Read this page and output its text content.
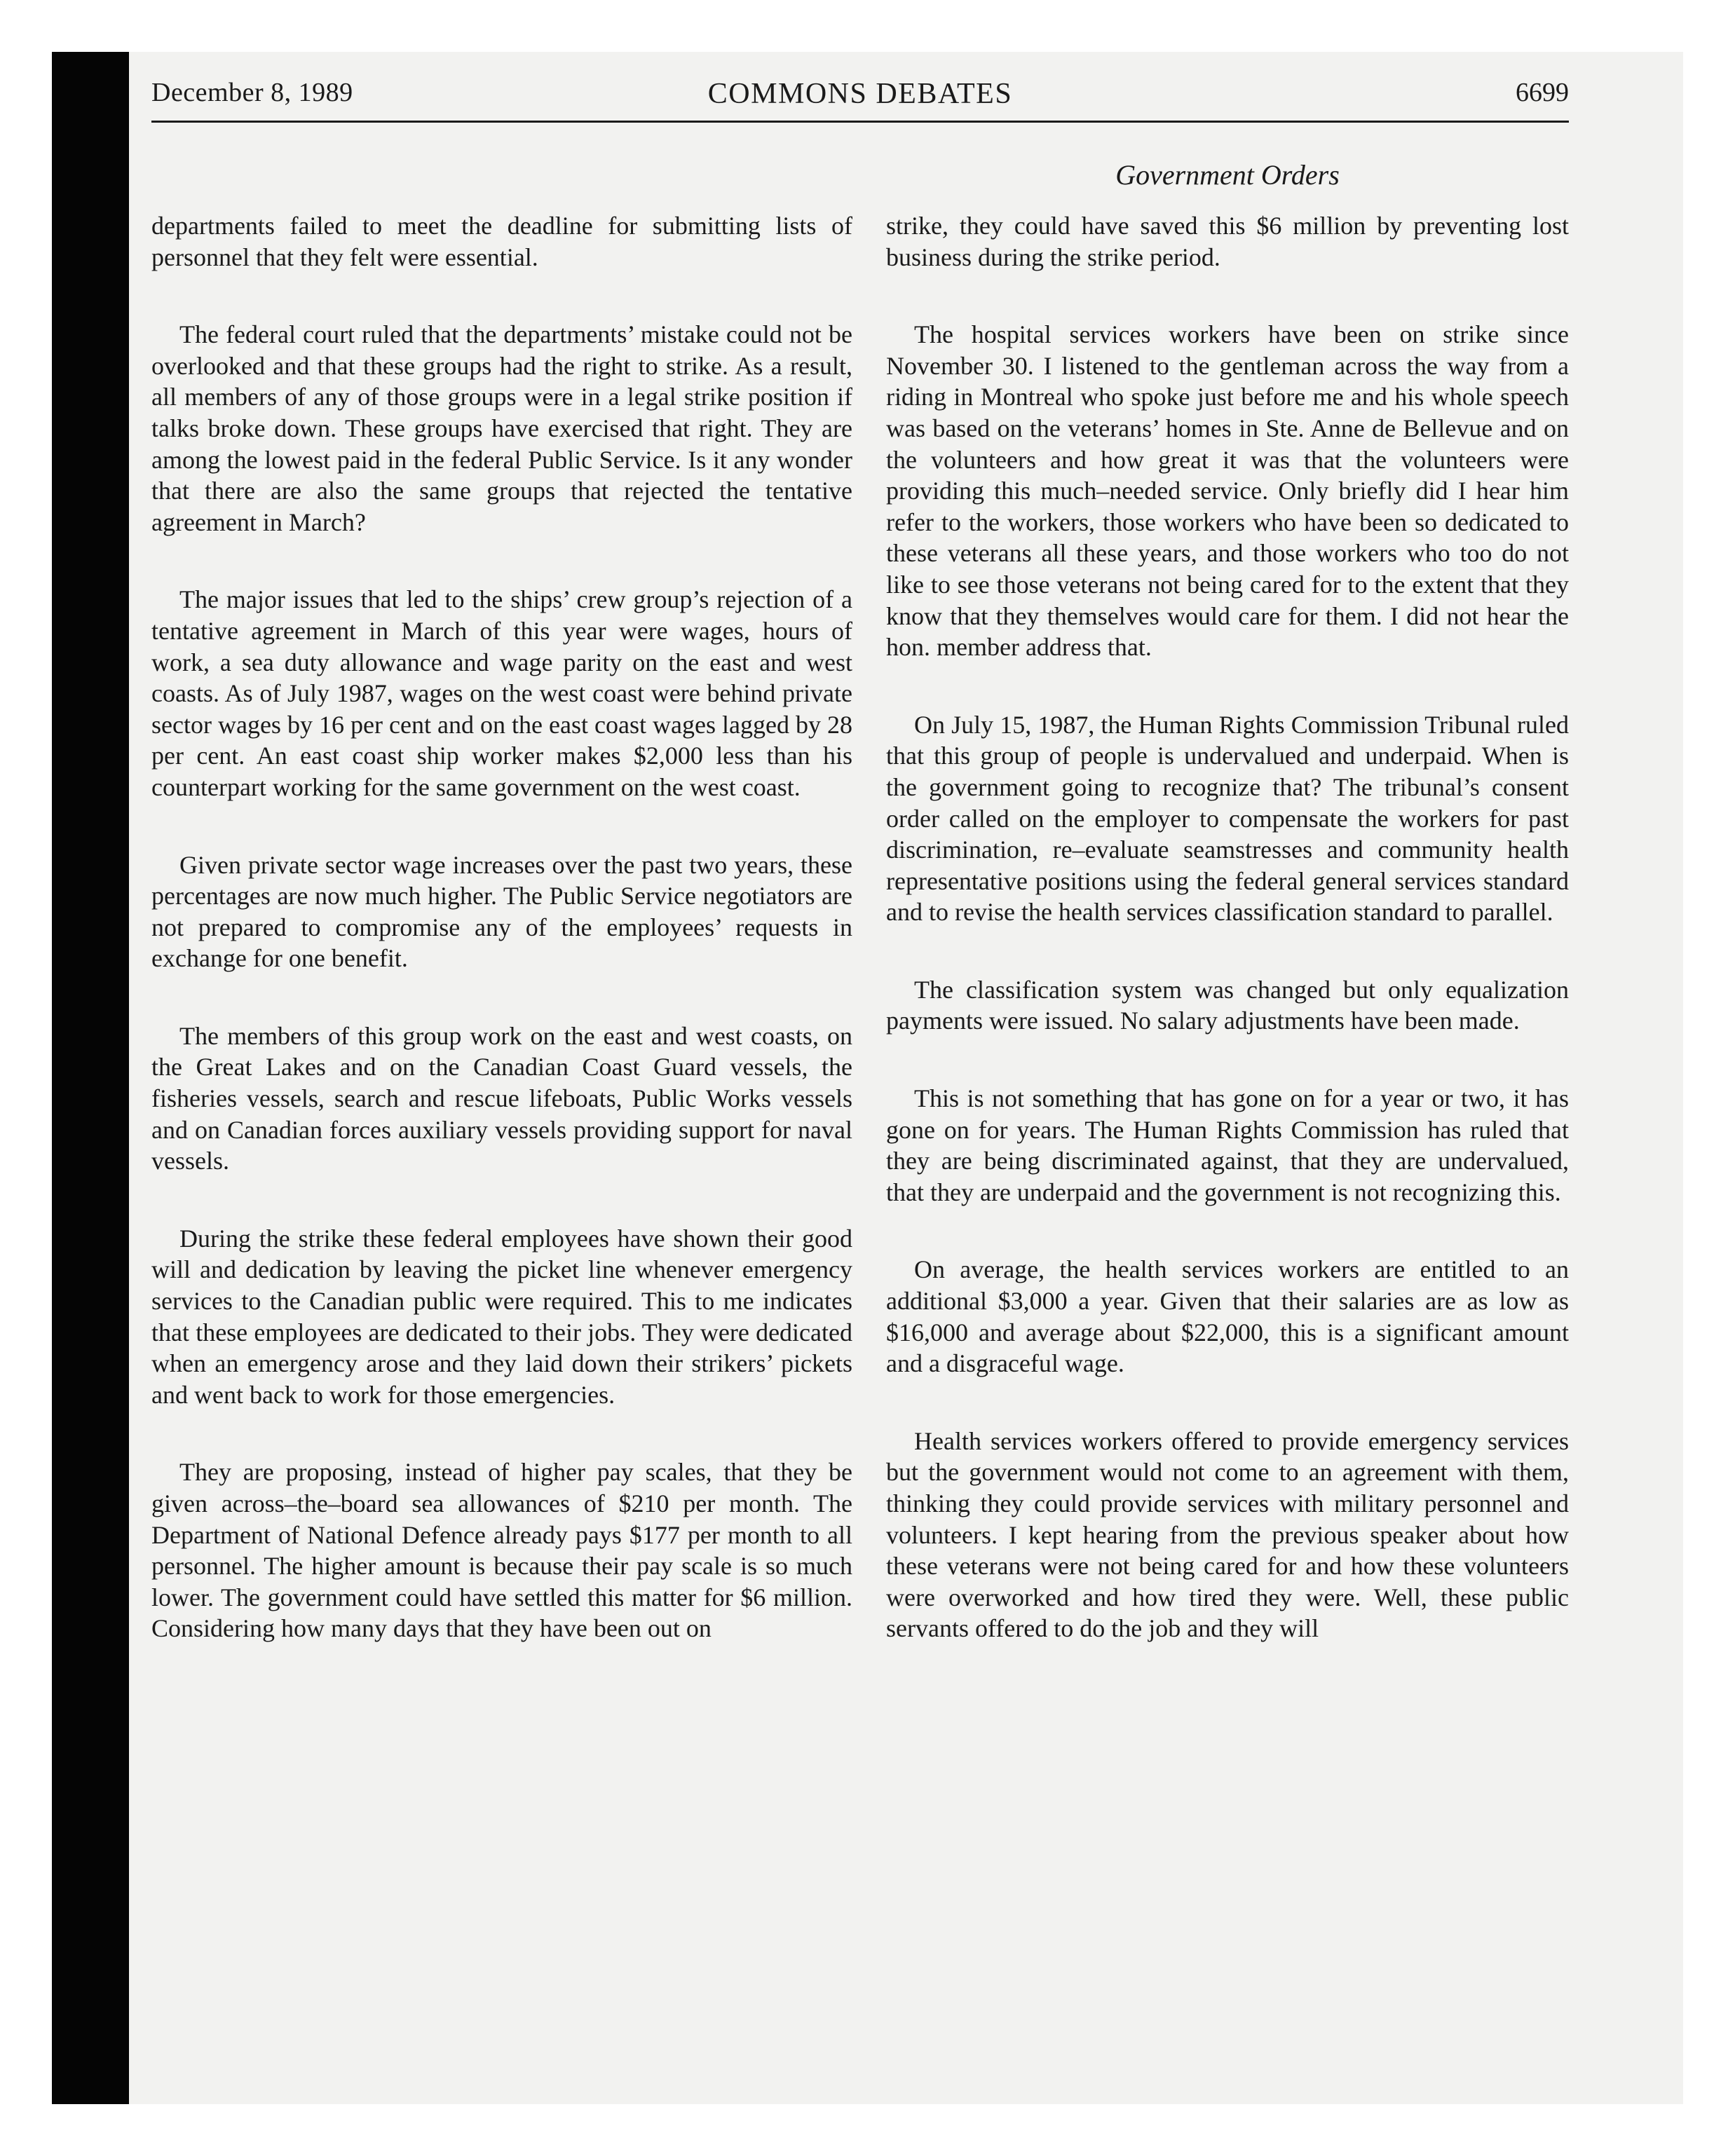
December 8, 1989	COMMONS DEBATES	6699
Government Orders

departments failed to meet the deadline for submitting lists of personnel that they felt were essential.

The federal court ruled that the departments’ mistake could not be overlooked and that these groups had the right to strike. As a result, all members of any of those groups were in a legal strike position if talks broke down. These groups have exercised that right. They are among the lowest paid in the federal Public Service. Is it any wonder that there are also the same groups that rejected the tentative agreement in March?

The major issues that led to the ships’ crew group’s rejection of a tentative agreement in March of this year were wages, hours of work, a sea duty allowance and wage parity on the east and west coasts. As of July 1987, wages on the west coast were behind private sector wages by 16 per cent and on the east coast wages lagged by 28 per cent. An east coast ship worker makes $2,000 less than his counterpart working for the same government on the west coast.

Given private sector wage increases over the past two years, these percentages are now much higher. The Public Service negotiators are not prepared to compromise any of the employees’ requests in exchange for one benefit.

The members of this group work on the east and west coasts, on the Great Lakes and on the Canadian Coast Guard vessels, the fisheries vessels, search and rescue lifeboats, Public Works vessels and on Canadian forces auxiliary vessels providing support for naval vessels.

During the strike these federal employees have shown their good will and dedication by leaving the picket line whenever emergency services to the Canadian public were required. This to me indicates that these employees are dedicated to their jobs. They were dedicated when an emergency arose and they laid down their strikers’ pickets and went back to work for those emergencies.

They are proposing, instead of higher pay scales, that they be given across–the–board sea allowances of $210 per month. The Department of National Defence already pays $177 per month to all personnel. The higher amount is because their pay scale is so much lower. The government could have settled this matter for $6 million. Considering how many days that they have been out on

strike, they could have saved this $6 million by preventing lost business during the strike period.

The hospital services workers have been on strike since November 30. I listened to the gentleman across the way from a riding in Montreal who spoke just before me and his whole speech was based on the veterans’ homes in Ste. Anne de Bellevue and on the volunteers and how great it was that the volunteers were providing this much–needed service. Only briefly did I hear him refer to the workers, those workers who have been so dedicated to these veterans all these years, and those workers who too do not like to see those veterans not being cared for to the extent that they know that they themselves would care for them. I did not hear the hon. member address that.

On July 15, 1987, the Human Rights Commission Tribunal ruled that this group of people is undervalued and underpaid. When is the government going to recognize that? The tribunal’s consent order called on the employer to compensate the workers for past discrimination, re–evaluate seamstresses and community health representative positions using the federal general services standard and to revise the health services classification standard to parallel.

The classification system was changed but only equalization payments were issued. No salary adjustments have been made.

This is not something that has gone on for a year or two, it has gone on for years. The Human Rights Commission has ruled that they are being discriminated against, that they are undervalued, that they are underpaid and the government is not recognizing this.

On average, the health services workers are entitled to an additional $3,000 a year. Given that their salaries are as low as $16,000 and average about $22,000, this is a significant amount and a disgraceful wage.

Health services workers offered to provide emergency services but the government would not come to an agreement with them, thinking they could provide services with military personnel and volunteers. I kept hearing from the previous speaker about how these veterans were not being cared for and how these volunteers were overworked and how tired they were. Well, these public servants offered to do the job and they will
